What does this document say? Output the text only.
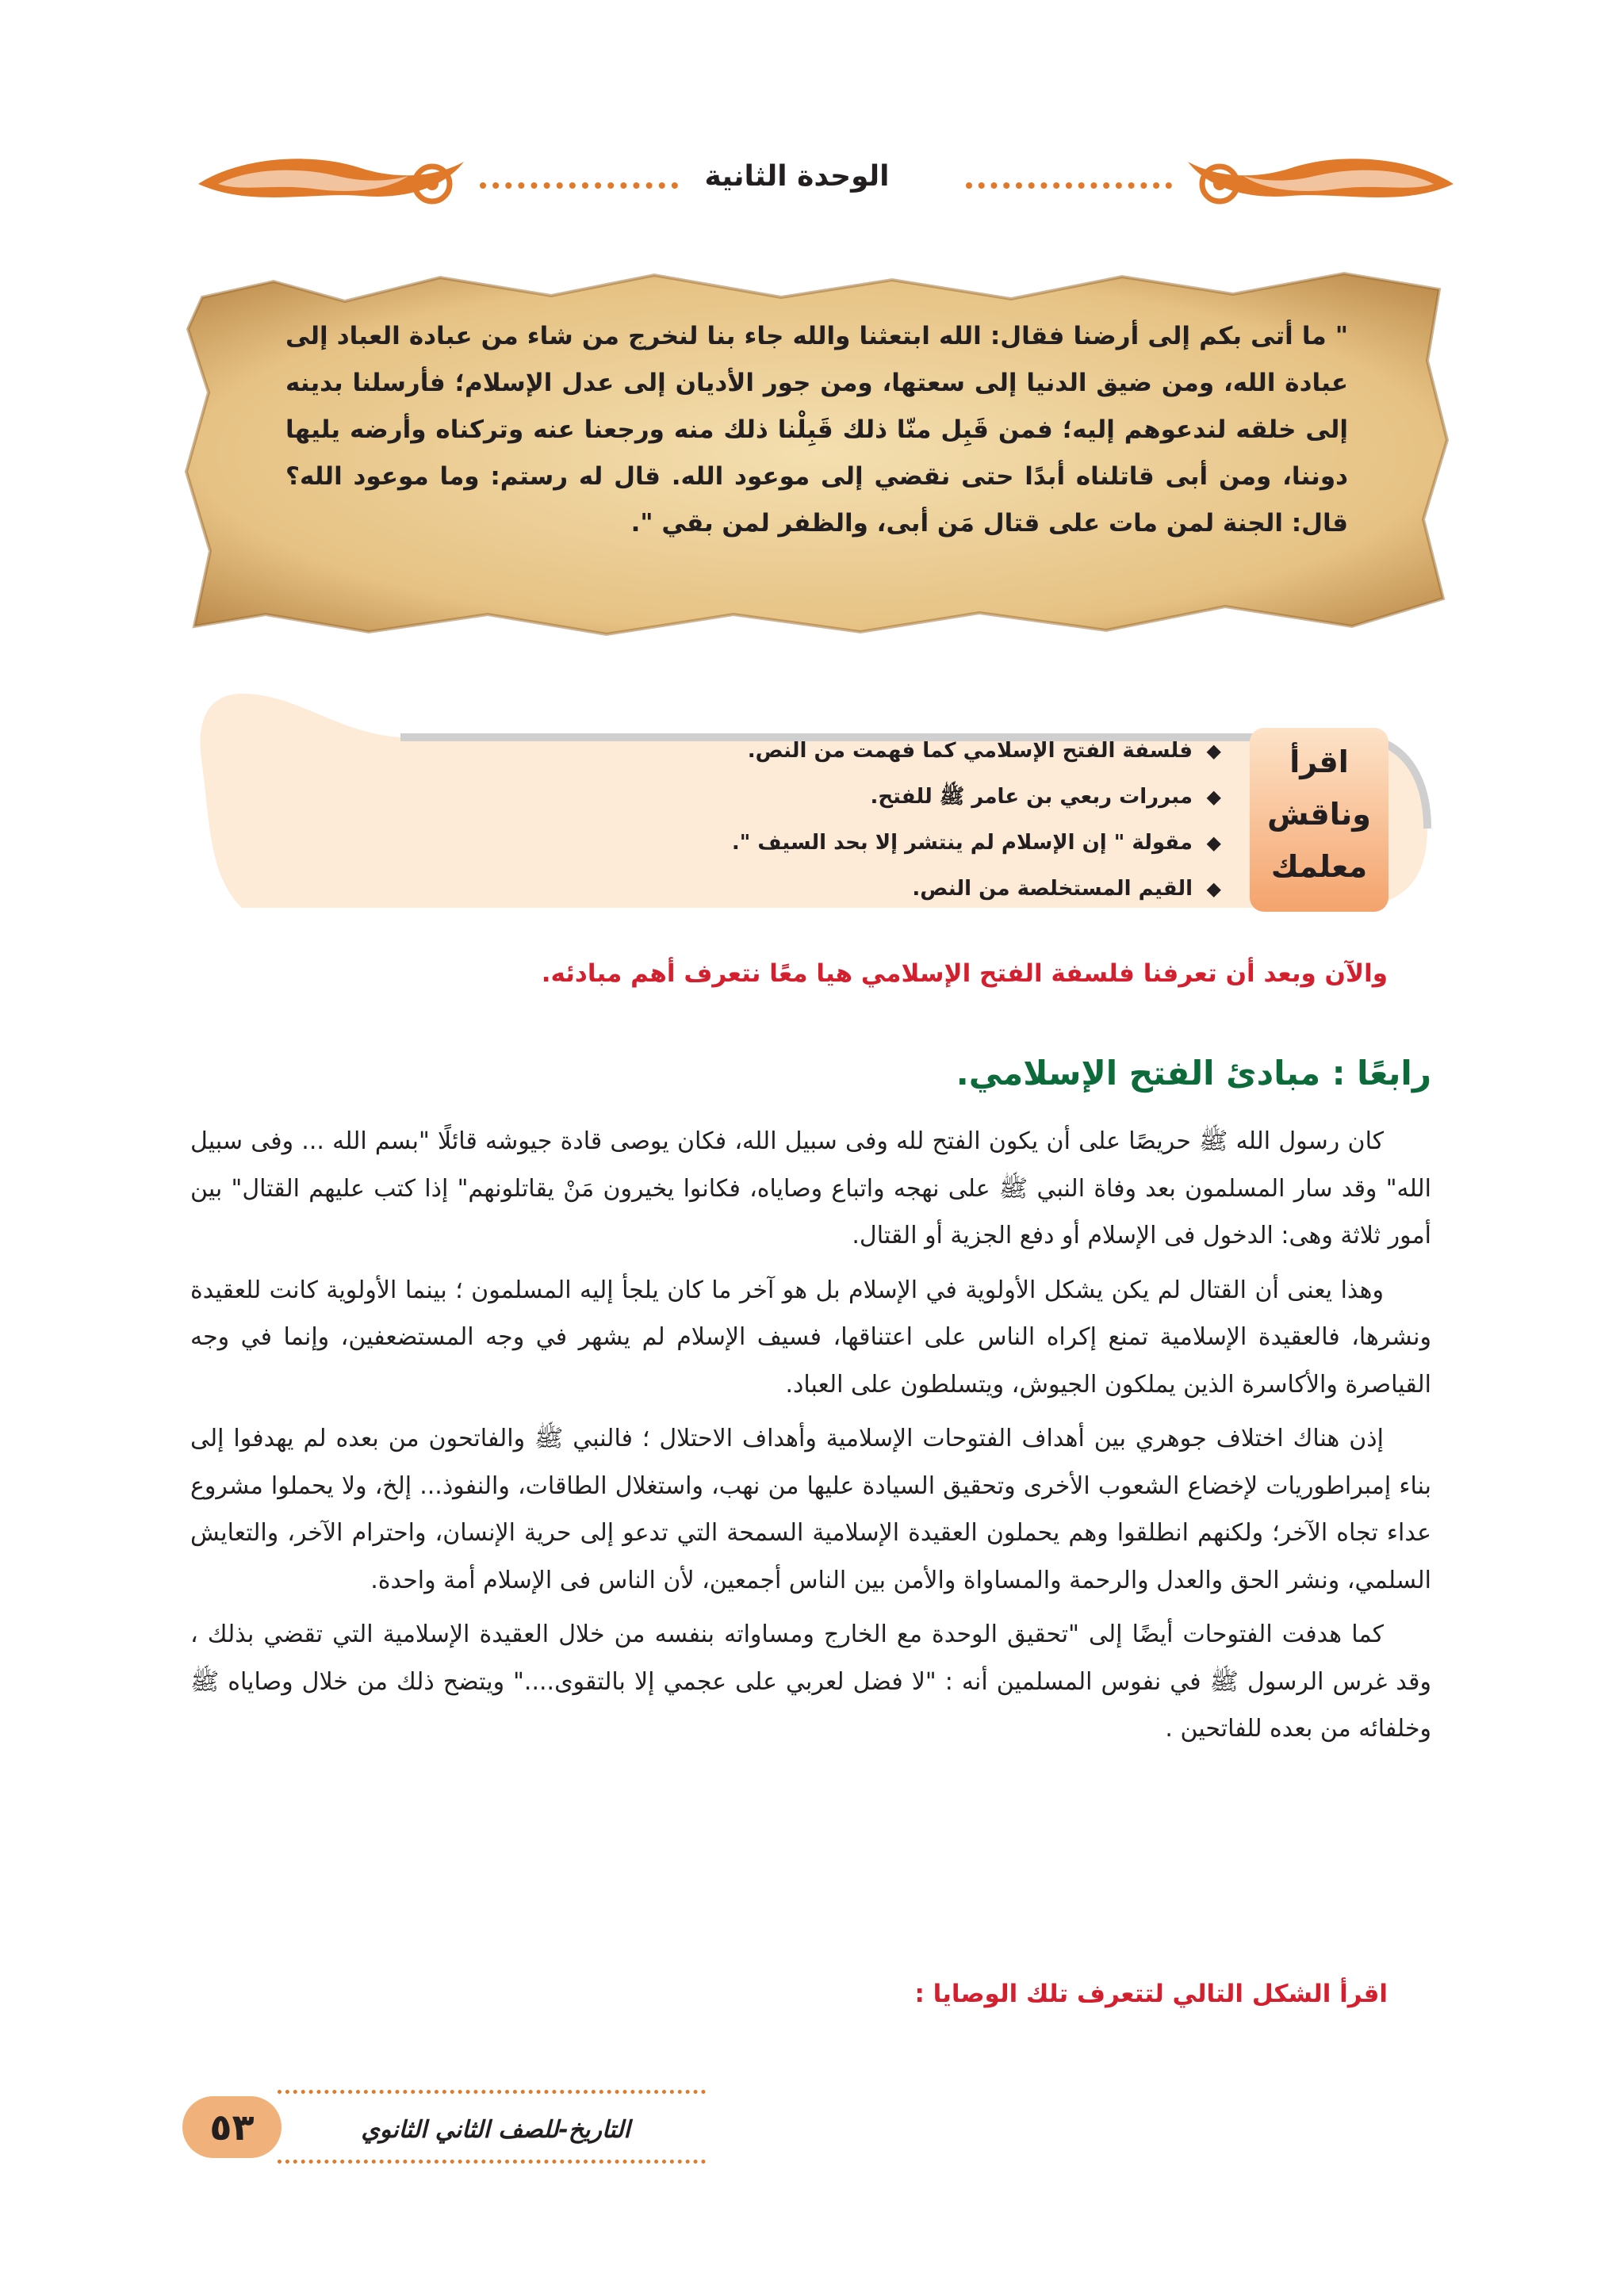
الوحدة الثانية
" ما أتى بكم إلى أرضنا فقال: الله ابتعثنا والله جاء بنا لنخرج من شاء من عبادة العباد إلى عبادة الله، ومن ضيق الدنيا إلى سعتها، ومن جور الأديان إلى عدل الإسلام؛ فأرسلنا بدينه إلى خلقه لندعوهم إليه؛ فمن قَبِل منّا ذلك قَبِلْنا ذلك منه ورجعنا عنه وتركناه وأرضه يليها دوننا، ومن أبى قاتلناه أبدًا حتى نقضي إلى موعود الله. قال له رستم: وما موعود الله؟ قال: الجنة لمن مات على قتال مَن أبى، والظفر لمن بقي ".
اقرأ
وناقش
معلمك
◆فلسفة الفتح الإسلامي كما فهمت من النص.
◆مبررات ربعي بن عامر ﷺ للفتح.
◆مقولة " إن الإسلام لم ينتشر إلا بحد السيف ".
◆القيم المستخلصة من النص.
والآن وبعد أن تعرفنا فلسفة الفتح الإسلامي هيا معًا نتعرف أهم مبادئه.
رابعًا : مبادئ الفتح الإسلامي.

كان رسول الله ﷺ حريصًا على أن يكون الفتح لله وفى سبيل الله، فكان يوصى قادة جيوشه قائلًا "بسم الله ... وفى سبيل الله" وقد سار المسلمون بعد وفاة النبي ﷺ على نهجه واتباع وصاياه، فكانوا يخيرون مَنْ يقاتلونهم" إذا كتب عليهم القتال" بين أمور ثلاثة وهى: الدخول فى الإسلام أو دفع الجزية أو القتال.

وهذا يعنى أن القتال لم يكن يشكل الأولوية في الإسلام بل هو آخر ما كان يلجأ إليه المسلمون ؛ بينما الأولوية كانت للعقيدة ونشرها، فالعقيدة الإسلامية تمنع إكراه الناس على اعتناقها، فسيف الإسلام لم يشهر في وجه المستضعفين، وإنما في وجه القياصرة والأكاسرة الذين يملكون الجيوش، ويتسلطون على العباد.

إذن هناك اختلاف جوهري بين أهداف الفتوحات الإسلامية وأهداف الاحتلال ؛ فالنبي ﷺ والفاتحون من بعده لم يهدفوا إلى بناء إمبراطوريات لإخضاع الشعوب الأخرى وتحقيق السيادة عليها من نهب، واستغلال الطاقات، والنفوذ... إلخ، ولا يحملوا مشروع عداء تجاه الآخر؛ ولكنهم انطلقوا وهم يحملون العقيدة الإسلامية السمحة التي تدعو إلى حرية الإنسان، واحترام الآخر، والتعايش السلمي، ونشر الحق والعدل والرحمة والمساواة والأمن بين الناس أجمعين، لأن الناس فى الإسلام أمة واحدة.

كما هدفت الفتوحات أيضًا إلى "تحقيق الوحدة مع الخارج ومساواته بنفسه من خلال العقيدة الإسلامية التي تقضي بذلك ، وقد غرس الرسول ﷺ في نفوس المسلمين أنه : "لا فضل لعربي على عجمي إلا بالتقوى...." ويتضح ذلك من خلال وصاياه ﷺ وخلفائه من بعده للفاتحين .

اقرأ الشكل التالي لتتعرف تلك الوصايا :
التاريخ-للصف الثاني الثانوي
٥٣
